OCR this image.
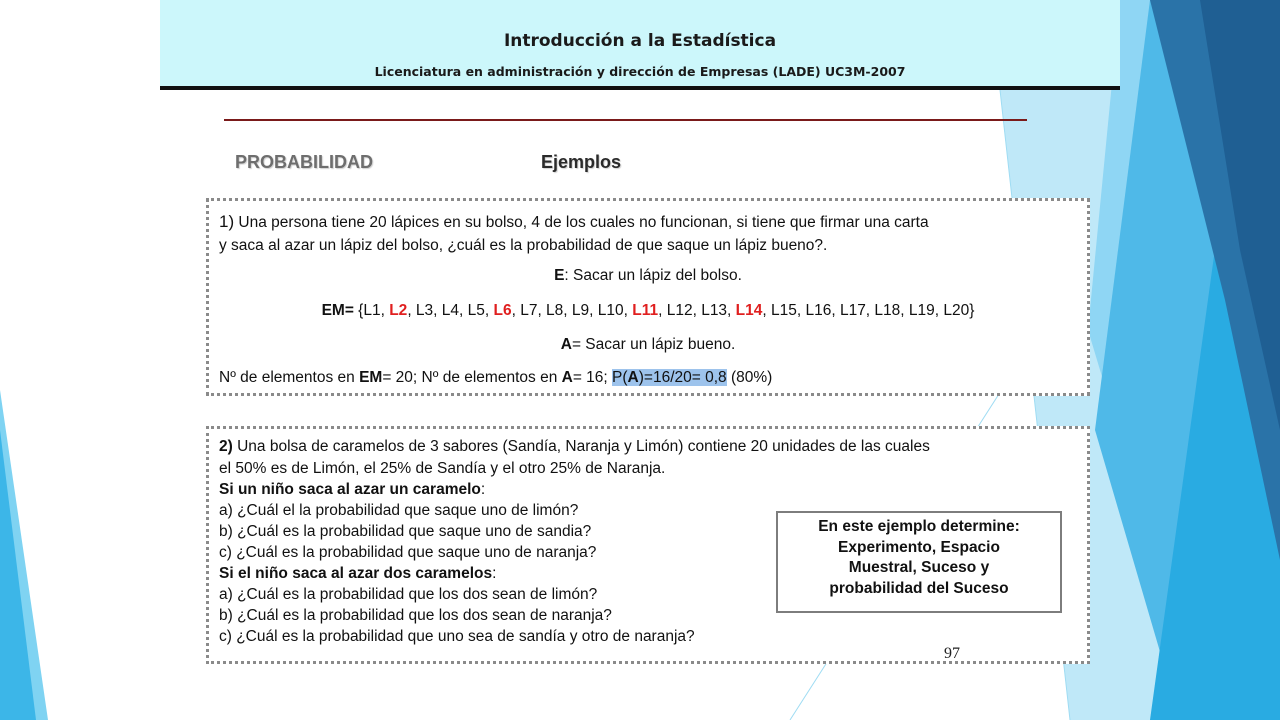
Introducción a la Estadística
Licenciatura en administración y dirección de Empresas (LADE) UC3M-2007
PROBABILIDAD	Ejemplos
1) Una persona tiene 20 lápices en su bolso, 4 de los cuales no funcionan, si tiene que firmar una carta
y saca al azar un lápiz del bolso, ¿cuál es la probabilidad de que saque un lápiz bueno?.
E: Sacar un lápiz del bolso.
EM= {L1, L2, L3, L4, L5, L6, L7, L8, L9, L10, L11, L12, L13, L14, L15, L16, L17, L18, L19, L20}
A= Sacar un lápiz bueno.
Nº de elementos en EM= 20; Nº de elementos en A= 16; P(A)=16/20= 0,8 (80%)
2) Una bolsa de caramelos de 3 sabores (Sandía, Naranja y Limón) contiene 20 unidades de las cuales
el 50% es de Limón, el 25% de Sandía y el otro 25% de Naranja.
Si un niño saca al azar un caramelo:
a) ¿Cuál el la probabilidad que saque uno de limón?
b) ¿Cuál es la probabilidad que saque uno de sandia?
c) ¿Cuál es la probabilidad que saque uno de naranja?
Si el niño saca al azar dos caramelos:
a) ¿Cuál es la probabilidad que los dos sean de limón?
b) ¿Cuál es la probabilidad que los dos sean de naranja?
c) ¿Cuál es la probabilidad que uno sea de sandía y otro de naranja?
En este ejemplo determine:
Experimento, Espacio
Muestral, Suceso y
probabilidad del Suceso
97
